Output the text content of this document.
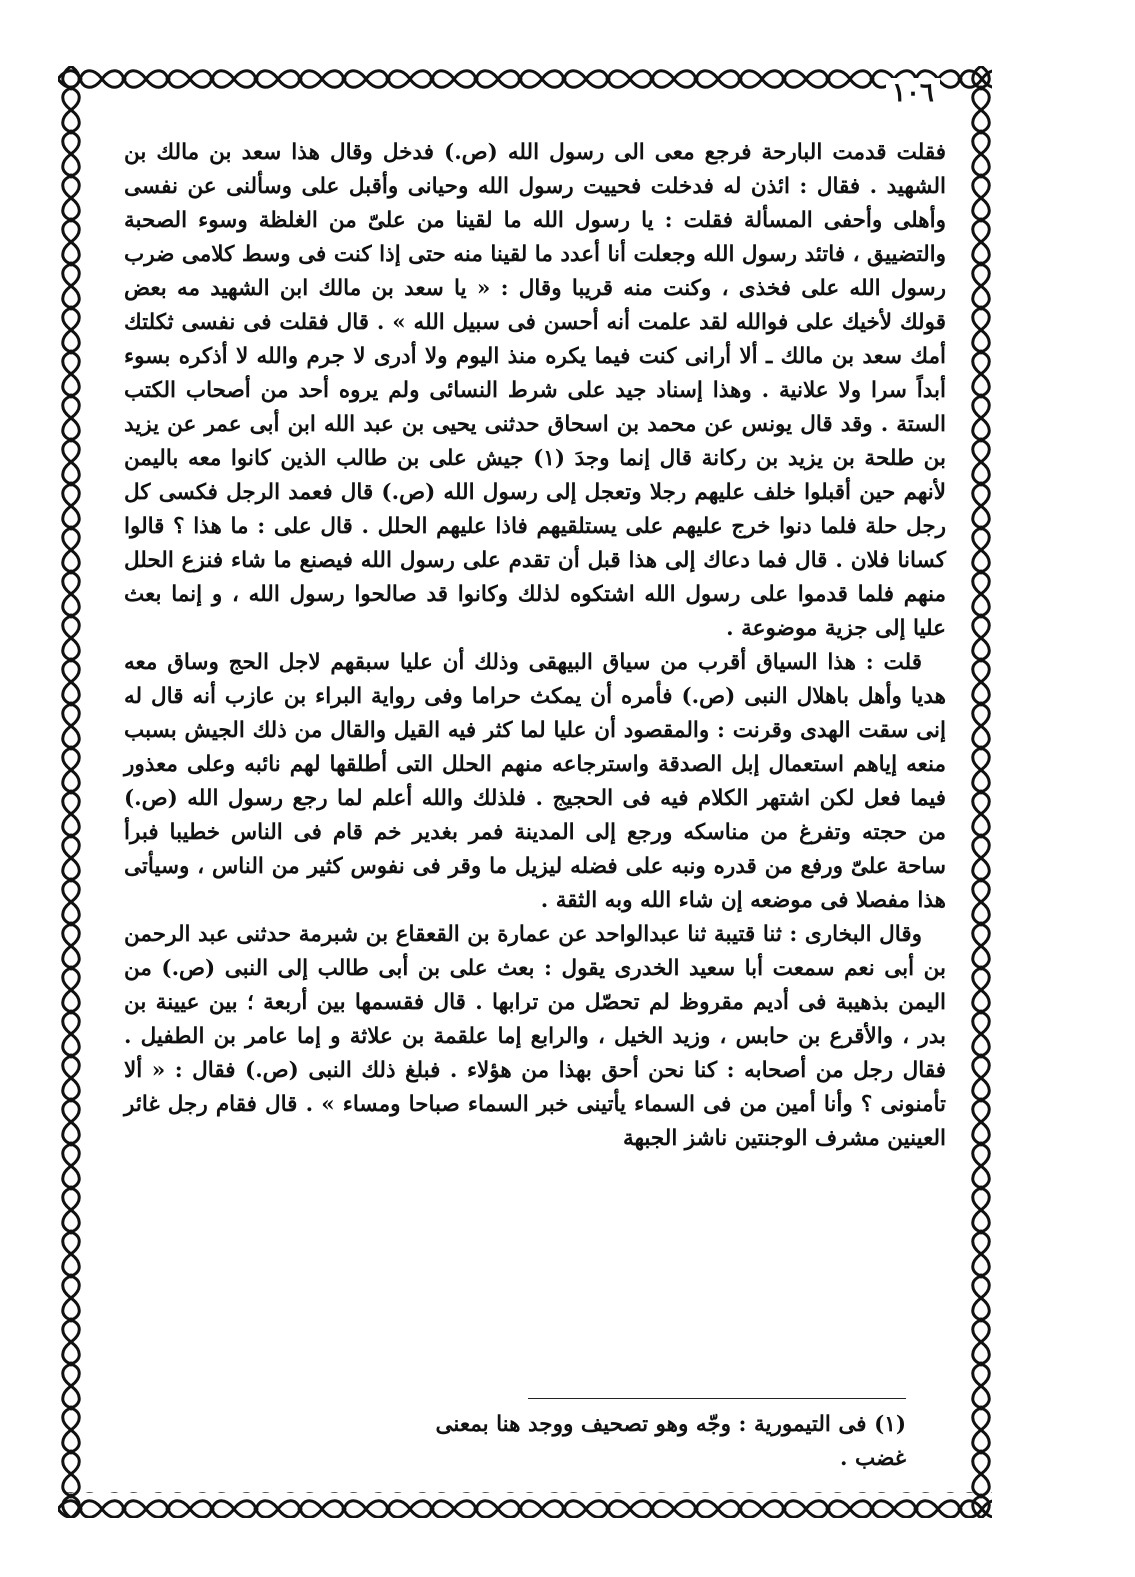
١٠٦

فقلت قدمت البارحة فرجع معى الى رسول الله (ص.) فدخل وقال هذا سعد بن مالك بن الشهيد . فقال : ائذن له فدخلت فحييت رسول الله وحيانى وأقبل على وسألنى عن نفسى وأهلى وأحفى المسألة فقلت : يا رسول الله ما لقينا من علىّ من الغلظة وسوء الصحبة والتضييق ، فاتئد رسول الله وجعلت أنا أعدد ما لقينا منه حتى إذا كنت فى وسط كلامى ضرب رسول الله على فخذى ، وكنت منه قريبا وقال : « يا سعد بن مالك ابن الشهيد مه بعض قولك لأخيك على فوالله لقد علمت أنه أحسن فى سبيل الله » . قال فقلت فى نفسى ثكلتك أمك سعد بن مالك ـ ألا أرانى كنت فيما يكره منذ اليوم ولا أدرى لا جرم والله لا أذكره بسوء أبداً سرا ولا علانية . وهذا إسناد جيد على شرط النسائى ولم يروه أحد من أصحاب الكتب الستة . وقد قال يونس عن محمد بن اسحاق حدثنى يحيى بن عبد الله ابن أبى عمر عن يزيد بن طلحة بن يزيد بن ركانة قال إنما وجدَ (١) جيش على بن طالب الذين كانوا معه باليمن لأنهم حين أقبلوا خلف عليهم رجلا وتعجل إلى رسول الله (ص.) قال فعمد الرجل فكسى كل رجل حلة فلما دنوا خرج عليهم على يستلقيهم فاذا عليهم الحلل . قال على : ما هذا ؟ قالوا كسانا فلان . قال فما دعاك إلى هذا قبل أن تقدم على رسول الله فيصنع ما شاء فنزع الحلل منهم فلما قدموا على رسول الله اشتكوه لذلك وكانوا قد صالحوا رسول الله ، و إنما بعث عليا إلى جزية موضوعة .

قلت : هذا السياق أقرب من سياق البيهقى وذلك أن عليا سبقهم لاجل الحج وساق معه هديا وأهل باهلال النبى (ص.) فأمره أن يمكث حراما وفى رواية البراء بن عازب أنه قال له إنى سقت الهدى وقرنت : والمقصود أن عليا لما كثر فيه القيل والقال من ذلك الجيش بسبب منعه إياهم استعمال إبل الصدقة واسترجاعه منهم الحلل التى أطلقها لهم نائبه وعلى معذور فيما فعل لكن اشتهر الكلام فيه فى الحجيج . فلذلك والله أعلم لما رجع رسول الله (ص.) من حجته وتفرغ من مناسكه ورجع إلى المدينة فمر بغدير خم قام فى الناس خطيبا فبرأ ساحة علىّ ورفع من قدره ونبه على فضله ليزيل ما وقر فى نفوس كثير من الناس ، وسيأتى هذا مفصلا فى موضعه إن شاء الله وبه الثقة .

وقال البخارى : ثنا قتيبة ثنا عبدالواحد عن عمارة بن القعقاع بن شبرمة حدثنى عبد الرحمن بن أبى نعم سمعت أبا سعيد الخدرى يقول : بعث على بن أبى طالب إلى النبى (ص.) من اليمن بذهيبة فى أديم مقروظ لم تحصّل من ترابها . قال فقسمها بين أربعة ؛ بين عيينة بن بدر ، والأقرع بن حابس ، وزيد الخيل ، والرابع إما علقمة بن علاثة و إما عامر بن الطفيل . فقال رجل من أصحابه : كنا نحن أحق بهذا من هؤلاء . فبلغ ذلك النبى (ص.) فقال : « ألا تأمنونى ؟ وأنا أمين من فى السماء يأتينى خبر السماء صباحا ومساء » . قال فقام رجل غائر العينين مشرف الوجنتين ناشز الجبهة

(١) فى التيمورية : وجّه وهو تصحيف ووجد هنا بمعنى غضب .
